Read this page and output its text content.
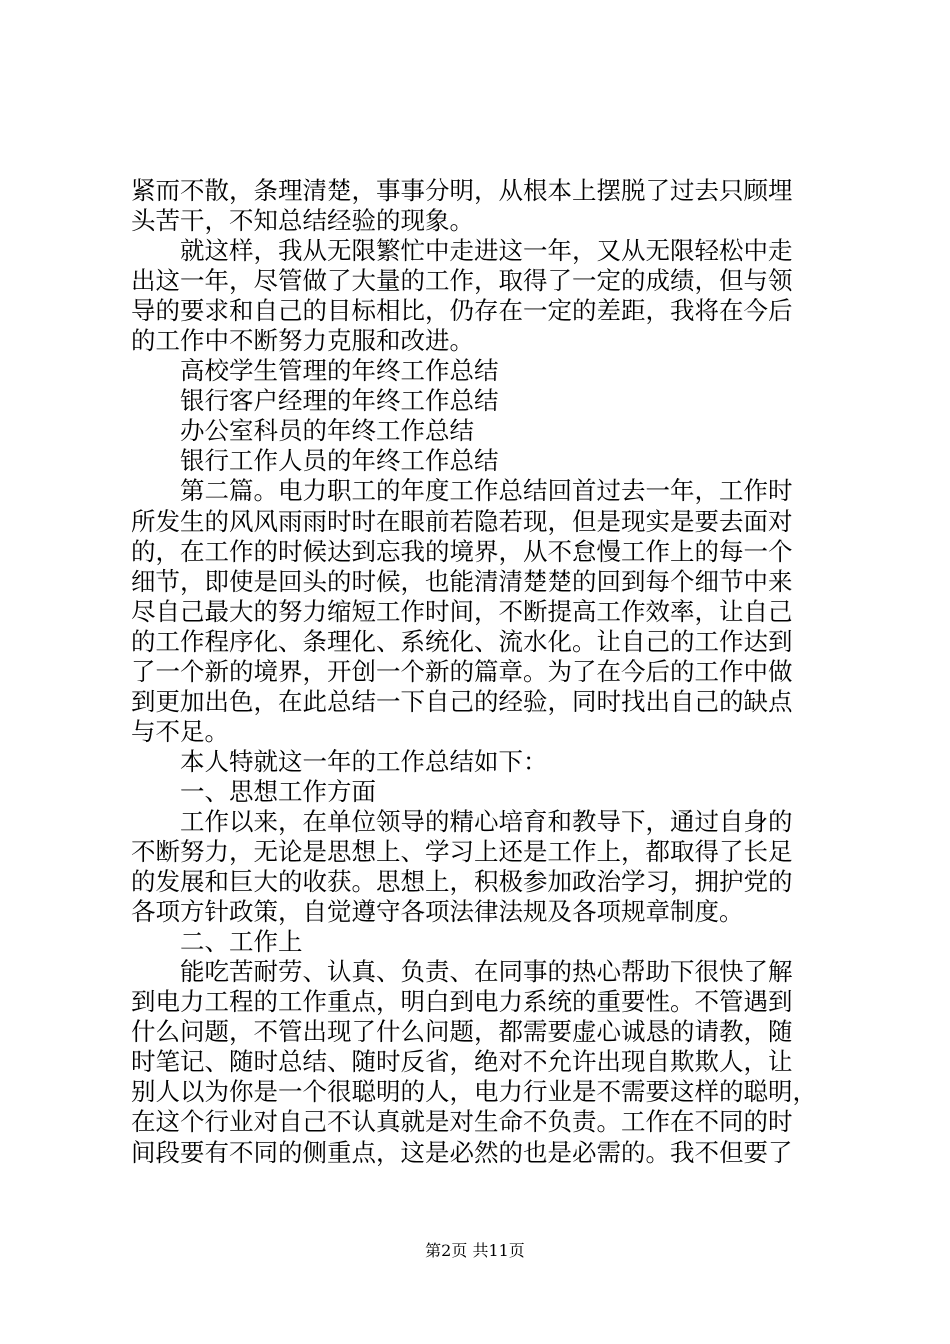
紧而不散，条理清楚，事事分明，从根本上摆脱了过去只顾埋
头苦干，不知总结经验的现象。
就这样，我从无限繁忙中走进这一年，又从无限轻松中走
出这一年，尽管做了大量的工作，取得了一定的成绩，但与领
导的要求和自己的目标相比，仍存在一定的差距，我将在今后
的工作中不断努力克服和改进。
高校学生管理的年终工作总结
银行客户经理的年终工作总结
办公室科员的年终工作总结
银行工作人员的年终工作总结
第二篇。电力职工的年度工作总结回首过去一年，工作时
所发生的风风雨雨时时在眼前若隐若现，但是现实是要去面对
的，在工作的时候达到忘我的境界，从不怠慢工作上的每一个
细节，即使是回头的时候，也能清清楚楚的回到每个细节中来
尽自己最大的努力缩短工作时间，不断提高工作效率，让自己
的工作程序化、条理化、系统化、流水化。让自己的工作达到
了一个新的境界，开创一个新的篇章。为了在今后的工作中做
到更加出色，在此总结一下自己的经验，同时找出自己的缺点
与不足。
本人特就这一年的工作总结如下：
一、思想工作方面
工作以来，在单位领导的精心培育和教导下，通过自身的
不断努力，无论是思想上、学习上还是工作上，都取得了长足
的发展和巨大的收获。思想上，积极参加政治学习，拥护党的
各项方针政策，自觉遵守各项法律法规及各项规章制度。
二、工作上
能吃苦耐劳、认真、负责、在同事的热心帮助下很快了解
到电力工程的工作重点，明白到电力系统的重要性。不管遇到
什么问题，不管出现了什么问题，都需要虚心诚恳的请教，随
时笔记、随时总结、随时反省，绝对不允许出现自欺欺人，让
别人以为你是一个很聪明的人，电力行业是不需要这样的聪明，
在这个行业对自己不认真就是对生命不负责。工作在不同的时
间段要有不同的侧重点，这是必然的也是必需的。我不但要了
第2页 共11页
